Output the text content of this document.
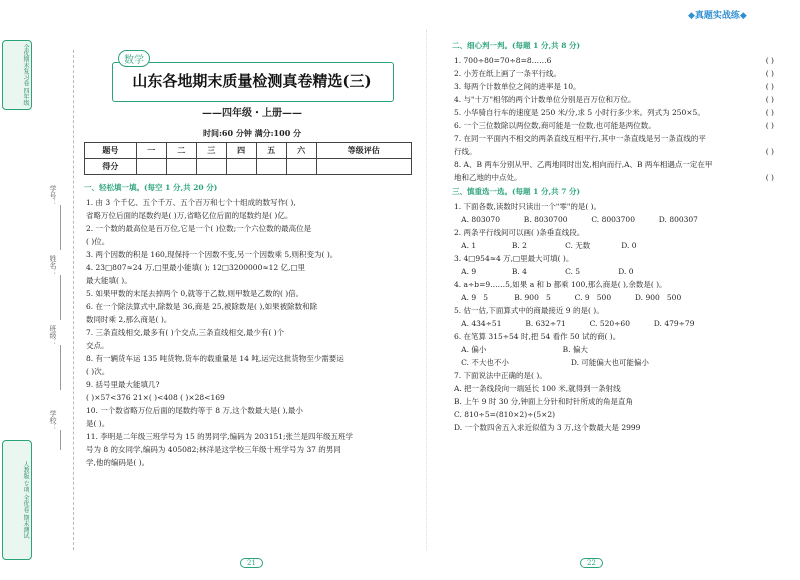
◆真题实战练◆
全优期末复习卷 四年级
人教版 专项 全优卷 期末测试
学号：
姓名：
班级：
学校：
数学
山东各地期末质量检测真卷精选(三)
——四年级・上册——
时间:60 分钟 满分:100 分
题号	一	二	三	四	五	六	等级评估
得分							
一、轻松填一填。(每空 1 分,共 20 分)
1. 由 3 个千亿、五个千万、五个百万和七个十组成的数写作( ),
省略万位后面的尾数约是( )万,省略亿位后面的尾数约是( )亿。
2. 一个数的最高位是百万位,它是一个( )位数;一个六位数的最高位是
( )位。
3. 两个因数的积是 160,现保持一个因数不变,另一个因数乘 5,则积变为( )。
4. 23□807≈24 万,□里最小能填( ); 12□3200000≈12 亿,□里
最大能填( )。
5. 如果甲数的末尾去掉两个 0,就等于乙数,则甲数是乙数的( )倍。
6. 在一个除法算式中,除数是 36,商是 25,被除数是( ),如果被除数和除
数同时乘 2,那么商是( )。
7. 三条直线相交,最多有( )个交点,三条直线相交,最少有( )个
交点。
8. 有一辆货车运 135 吨货物,货车的载重量是 14 吨,运完这批货物至少需要运
( )次。
9. 括号里最大能填几?
( )×57<376 21×( )<408 ( )×28<169
10. 一个数省略万位后面的尾数约等于 8 万,这个数最大是( ),最小
是( )。
11. 李明是二年级三班学号为 15 的男同学,编码为 203151;张兰是四年级五班学
号为 8 的女同学,编码为 405082;林洋是这学校三年级十班学号为 37 的男同
学,他的编码是( )。
21
二、细心判一判。(每题 1 分,共 8 分)
1. 700÷80=70÷8=8……6	( )
2. 小芳在纸上画了一条平行线。	( )
3. 每两个计数单位之间的进率是 10。	( )
4. 与"十万"相邻的两个计数单位分别是百万位和万位。	( )
5. 小华骑自行车的速度是 250 米/分,求 5 小时行多少米。列式为 250×5。	( )
6. 一个三位数除以两位数,商可能是一位数,也可能是两位数。	( )
7. 在同一平面内不相交的两条直线互相平行,其中一条直线是另一条直线的平
行线。	( )
8. A、B 两车分别从甲、乙两地同时出发,相向而行,A、B 两车相遇点一定在甲
地和乙地的中点处。	( )
三、慎重选一选。(每题 1 分,共 7 分)
1. 下面各数,读数时只读出一个"零"的是( )。
A. 803070          B. 8030700          C. 8003700          D. 800307
2. 两条平行线间可以画( )条垂直线段。
A. 1               B. 2                C. 无数             D. 0
3. 4□954≈4 万,□里最大可填( )。
A. 9               B. 4                C. 5                D. 0
4. a÷b=9……5,如果 a 和 b 都乘 100,那么商是( ),余数是( )。
A. 9   5           B. 900   5          C. 9   500          D. 900   500
5. 估一估,下面算式中的商最接近 9 的是( )。
A. 434÷51          B. 632÷71          C. 520÷60          D. 479÷79
6. 在笔算 315÷54 时,把 54 看作 50 试的商( )。
A. 偏小                                B. 偏大
C. 不大也不小                          D. 可能偏大也可能偏小
7. 下面说法中正确的是( )。
A. 把一条线段向一端延长 100 米,就得到一条射线
B. 上午 9 时 30 分,钟面上分针和时针所成的角是直角
C. 810÷5=(810×2)÷(5×2)
D. 一个数四舍五入求近似值为 3 万,这个数最大是 2999
22
